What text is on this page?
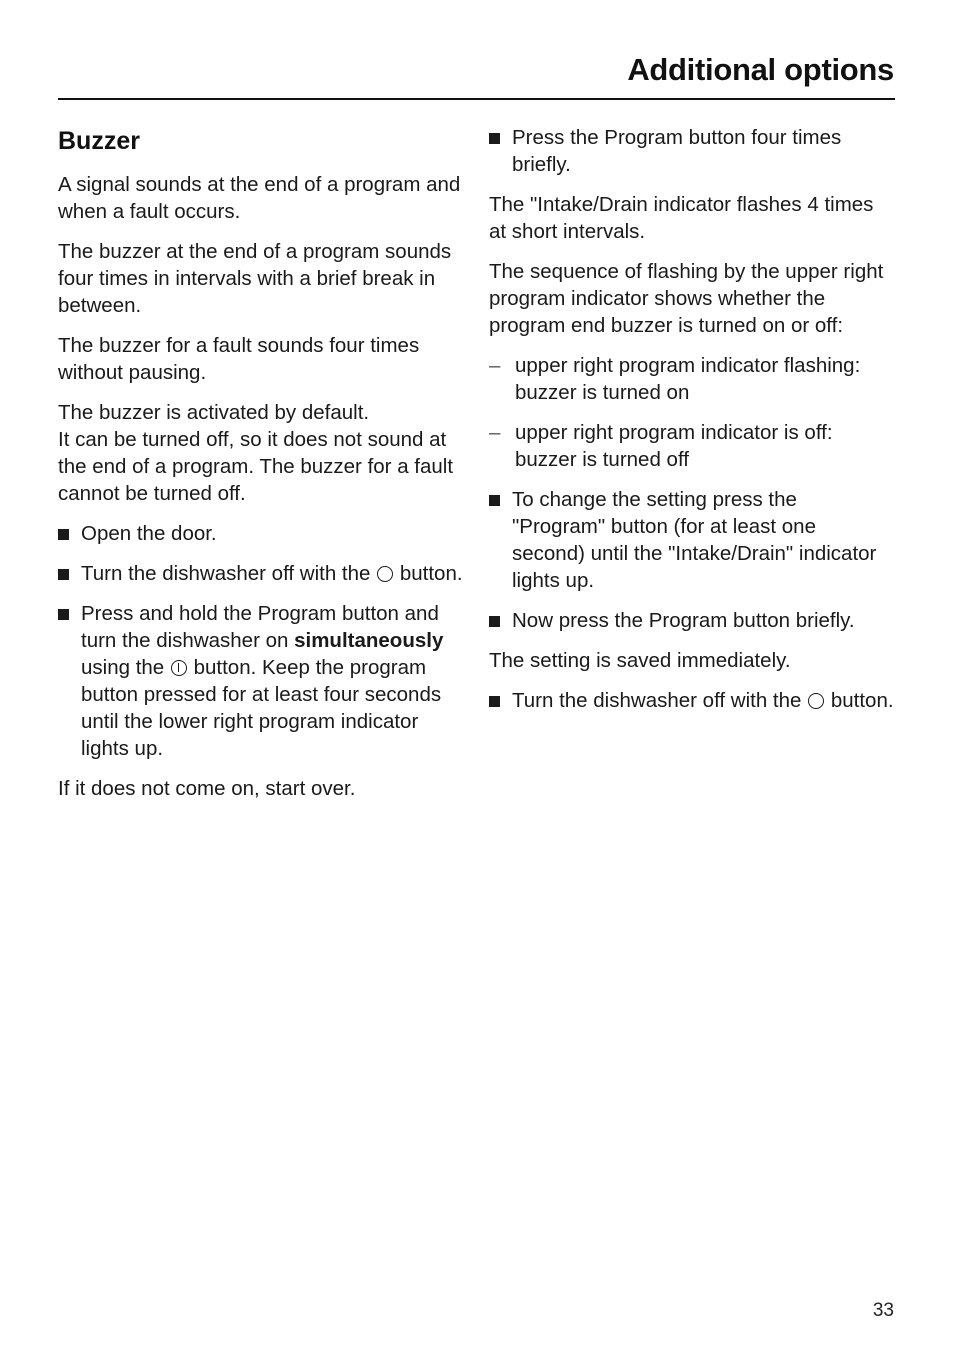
Additional options
Buzzer

A signal sounds at the end of a program and when a fault occurs.

The buzzer at the end of a program sounds four times in intervals with a brief break in between.

The buzzer for a fault sounds four times without pausing.

The buzzer is activated by default.
It can be turned off, so it does not sound at the end of a program. The buzzer for a fault cannot be turned off.

Open the door.
Turn the dishwasher off with the button.
Press and hold the Program button and turn the dishwasher on simultaneously using the button. Keep the program button pressed for at least four seconds until the lower right program indicator lights up.

If it does not come on, start over.

Press the Program button four times briefly.

The "Intake/Drain indicator flashes 4 times at short intervals.

The sequence of flashing by the upper right program indicator shows whether the program end buzzer is turned on or off:

– upper right program indicator flashing: buzzer is turned on
– upper right program indicator is off: buzzer is turned off
To change the setting press the "Program" button (for at least one second) until the "Intake/Drain" indicator lights up.
Now press the Program button briefly.

The setting is saved immediately.

Turn the dishwasher off with the button.
33
